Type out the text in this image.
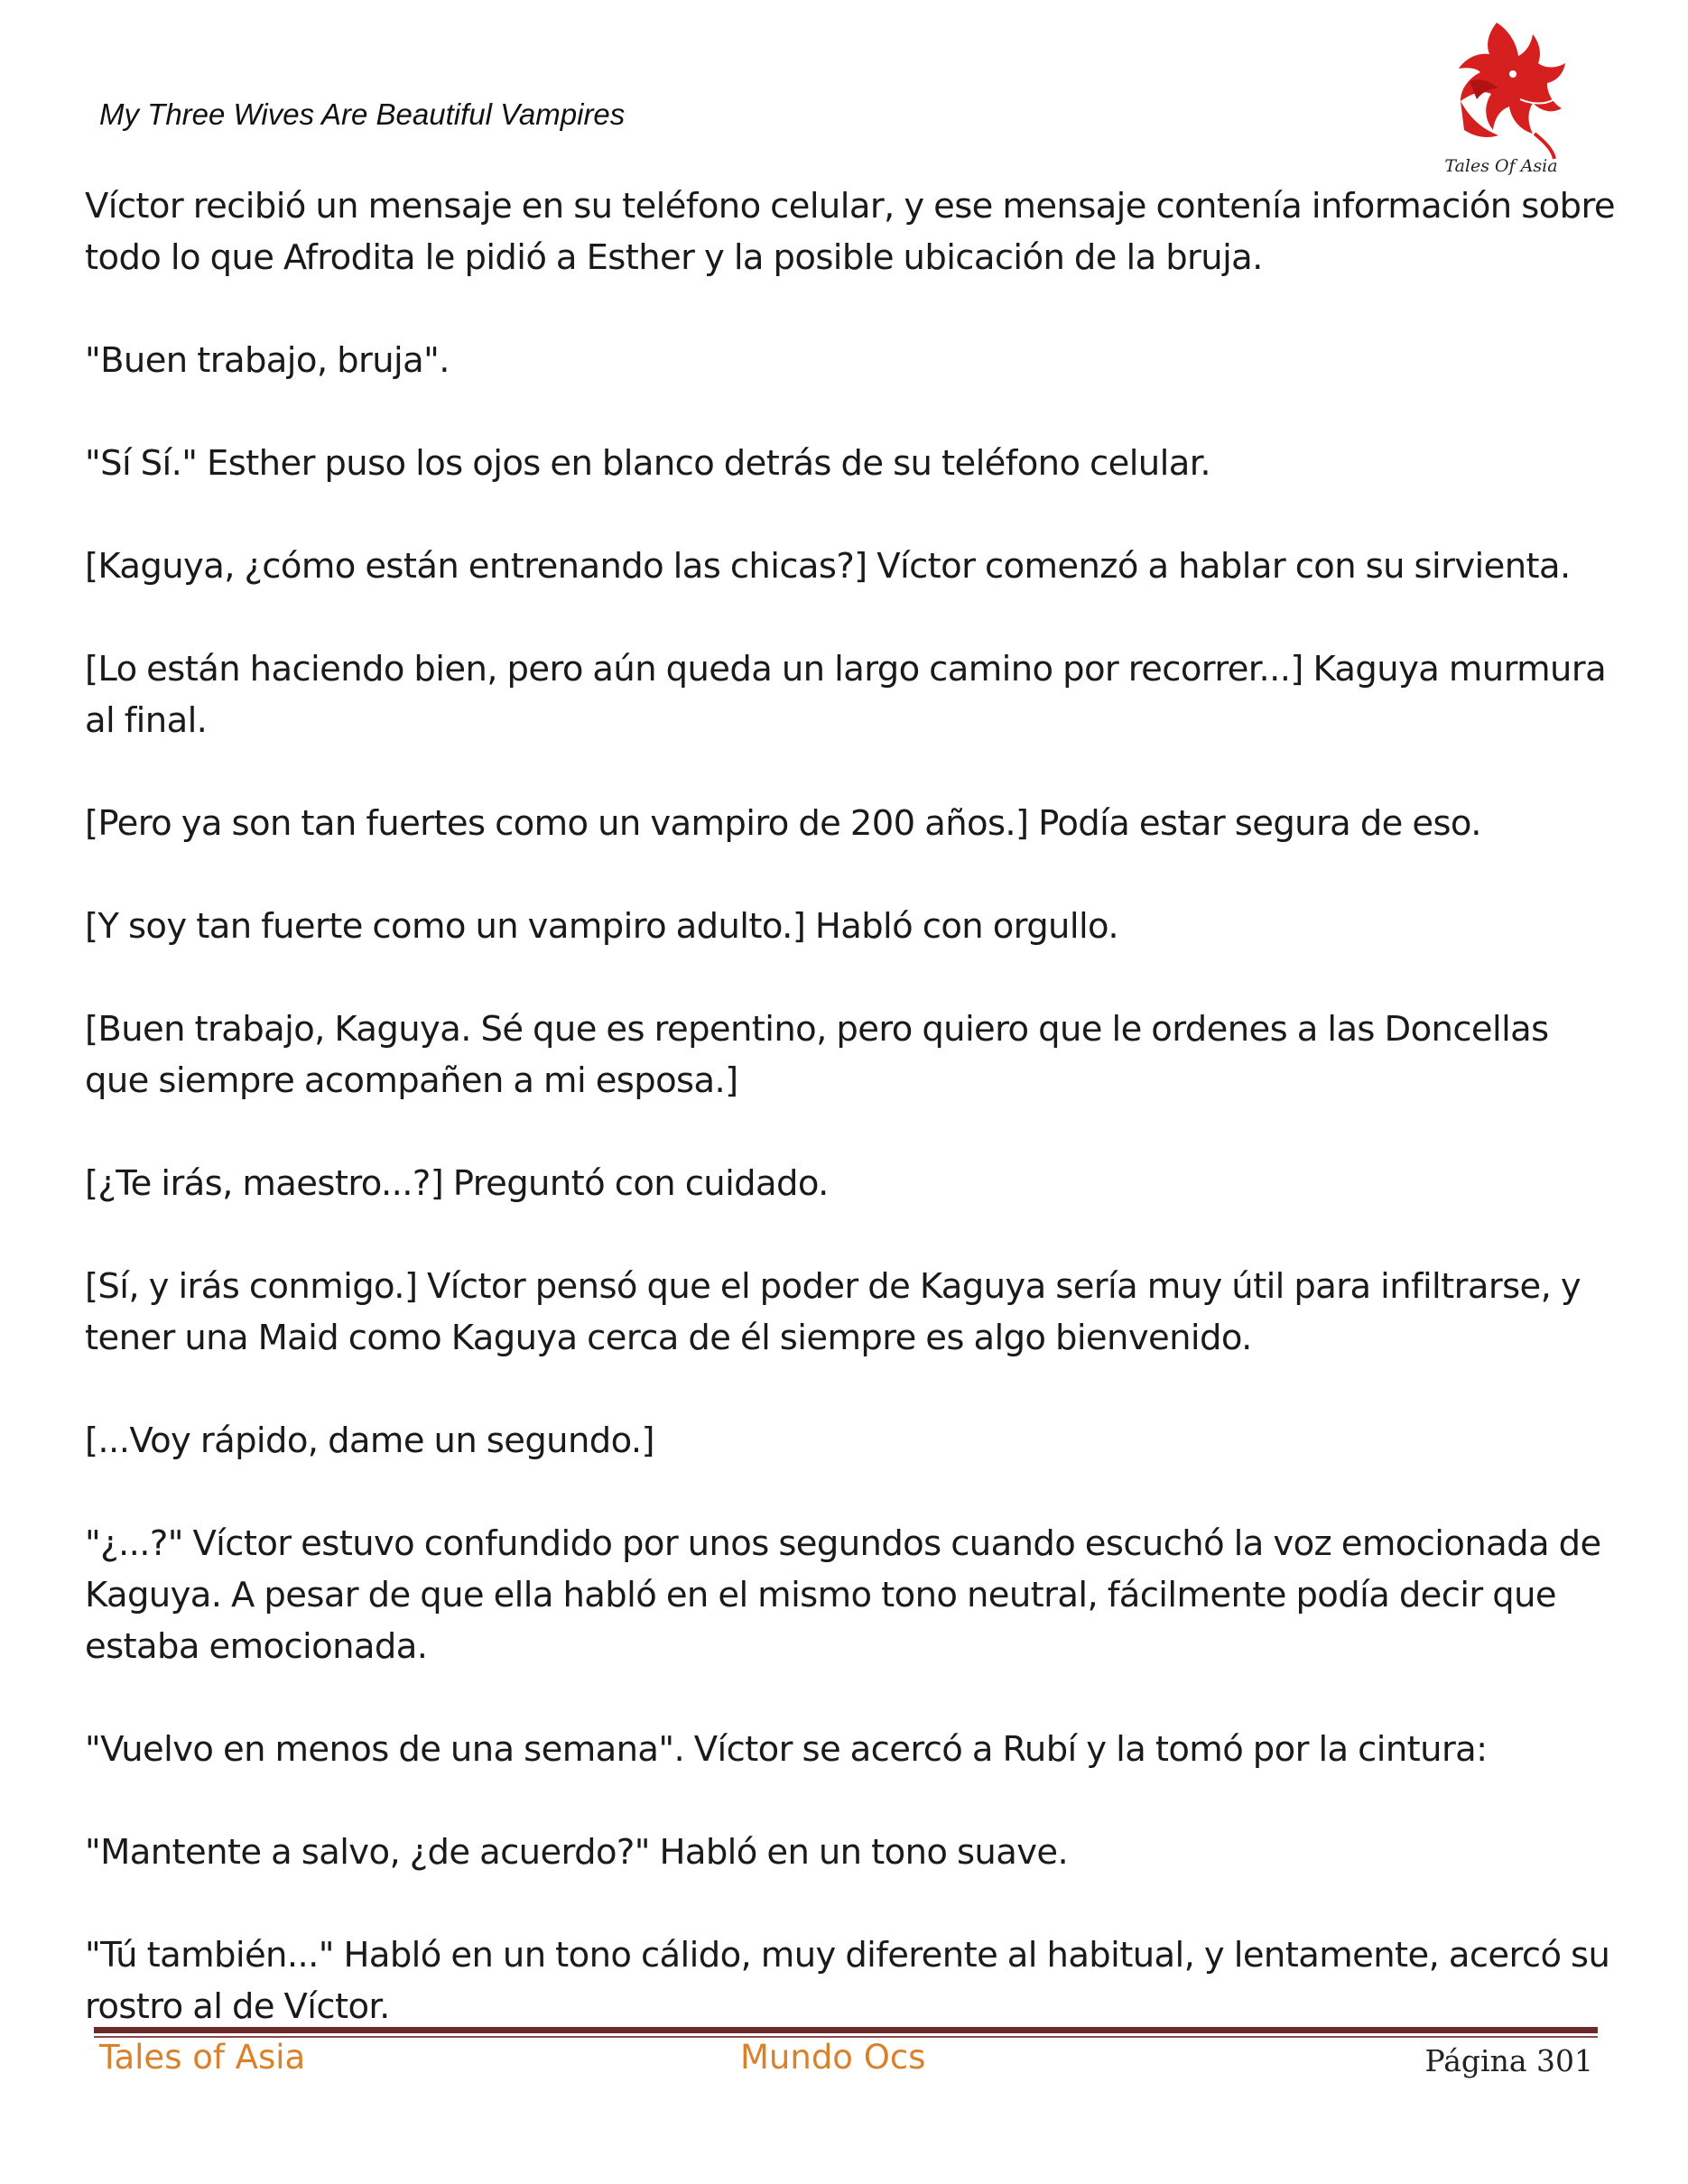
My Three Wives Are Beautiful Vampires
Tales Of Asia

Víctor recibió un mensaje en su teléfono celular, y ese mensaje contenía información sobre todo lo que Afrodita le pidió a Esther y la posible ubicación de la bruja.

"Buen trabajo, bruja".

"Sí Sí." Esther puso los ojos en blanco detrás de su teléfono celular.

[Kaguya, ¿cómo están entrenando las chicas?] Víctor comenzó a hablar con su sirvienta.

[Lo están haciendo bien, pero aún queda un largo camino por recorrer...] Kaguya murmura al final.

[Pero ya son tan fuertes como un vampiro de 200 años.] Podía estar segura de eso.

[Y soy tan fuerte como un vampiro adulto.] Habló con orgullo.

[Buen trabajo, Kaguya. Sé que es repentino, pero quiero que le ordenes a las Doncellas que siempre acompañen a mi esposa.]

[¿Te irás, maestro...?] Preguntó con cuidado.

[Sí, y irás conmigo.] Víctor pensó que el poder de Kaguya sería muy útil para infiltrarse, y tener una Maid como Kaguya cerca de él siempre es algo bienvenido.

[...Voy rápido, dame un segundo.]

"¿...?" Víctor estuvo confundido por unos segundos cuando escuchó la voz emocionada de Kaguya. A pesar de que ella habló en el mismo tono neutral, fácilmente podía decir que estaba emocionada.

"Vuelvo en menos de una semana". Víctor se acercó a Rubí y la tomó por la cintura:

"Mantente a salvo, ¿de acuerdo?" Habló en un tono suave.

"Tú también..." Habló en un tono cálido, muy diferente al habitual, y lentamente, acercó su rostro al de Víctor.

Tales of Asia	Mundo Ocs	Página 301
